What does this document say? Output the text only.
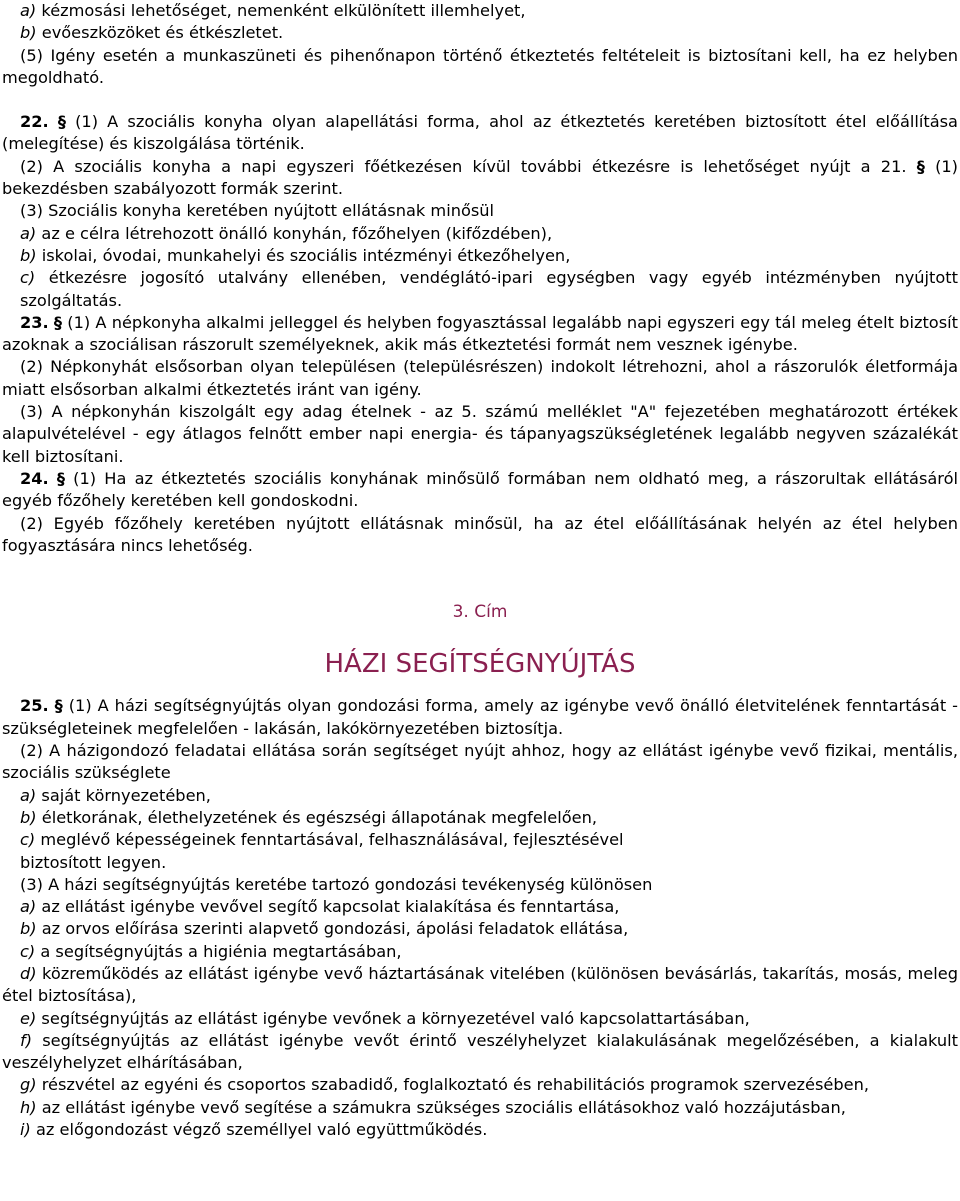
a) kézmosási lehetőséget, nemenként elkülönített illemhelyet,

b) evőeszközöket és étkészletet.

(5) Igény esetén a munkaszüneti és pihenőnapon történő étkeztetés feltételeit is biztosítani kell, ha ez helyben megoldható.

22. § (1) A szociális konyha olyan alapellátási forma, ahol az étkeztetés keretében biztosított étel előállítása (melegítése) és kiszolgálása történik.

(2) A szociális konyha a napi egyszeri főétkezésen kívül további étkezésre is lehetőséget nyújt a 21. § (1) bekezdésben szabályozott formák szerint.

(3) Szociális konyha keretében nyújtott ellátásnak minősül

a) az e célra létrehozott önálló konyhán, főzőhelyen (kifőzdében),

b) iskolai, óvodai, munkahelyi és szociális intézményi étkezőhelyen,

c) étkezésre jogosító utalvány ellenében, vendéglátó-ipari egységben vagy egyéb intézményben nyújtott szolgáltatás.

23. § (1) A népkonyha alkalmi jelleggel és helyben fogyasztással legalább napi egyszeri egy tál meleg ételt biztosít azoknak a szociálisan rászorult személyeknek, akik más étkeztetési formát nem vesznek igénybe.

(2) Népkonyhát elsősorban olyan településen (településrészen) indokolt létrehozni, ahol a rászorulók életformája miatt elsősorban alkalmi étkeztetés iránt van igény.

(3) A népkonyhán kiszolgált egy adag ételnek - az 5. számú melléklet "A" fejezetében meghatározott értékek alapulvételével - egy átlagos felnőtt ember napi energia- és tápanyagszükségletének legalább negyven százalékát kell biztosítani.

24. § (1) Ha az étkeztetés szociális konyhának minősülő formában nem oldható meg, a rászorultak ellátásáról egyéb főzőhely keretében kell gondoskodni.

(2) Egyéb főzőhely keretében nyújtott ellátásnak minősül, ha az étel előállításának helyén az étel helyben fogyasztására nincs lehetőség.

3. Cím
HÁZI SEGÍTSÉGNYÚJTÁS

25. § (1) A házi segítségnyújtás olyan gondozási forma, amely az igénybe vevő önálló életvitelének fenntartását - szükségleteinek megfelelően - lakásán, lakókörnyezetében biztosítja.

(2) A házigondozó feladatai ellátása során segítséget nyújt ahhoz, hogy az ellátást igénybe vevő fizikai, mentális, szociális szükséglete

a) saját környezetében,

b) életkorának, élethelyzetének és egészségi állapotának megfelelően,

c) meglévő képességeinek fenntartásával, felhasználásával, fejlesztésével biztosított legyen.

(3) A házi segítségnyújtás keretébe tartozó gondozási tevékenység különösen

a) az ellátást igénybe vevővel segítő kapcsolat kialakítása és fenntartása,

b) az orvos előírása szerinti alapvető gondozási, ápolási feladatok ellátása,

c) a segítségnyújtás a higiénia megtartásában,

d) közreműködés az ellátást igénybe vevő háztartásának vitelében (különösen bevásárlás, takarítás, mosás, meleg étel biztosítása),

e) segítségnyújtás az ellátást igénybe vevőnek a környezetével való kapcsolattartásában,

f) segítségnyújtás az ellátást igénybe vevőt érintő veszélyhelyzet kialakulásának megelőzésében, a kialakult veszélyhelyzet elhárításában,

g) részvétel az egyéni és csoportos szabadidő, foglalkoztató és rehabilitációs programok szervezésében,

h) az ellátást igénybe vevő segítése a számukra szükséges szociális ellátásokhoz való hozzájutásban,

i) az előgondozást végző személlyel való együttműködés.
